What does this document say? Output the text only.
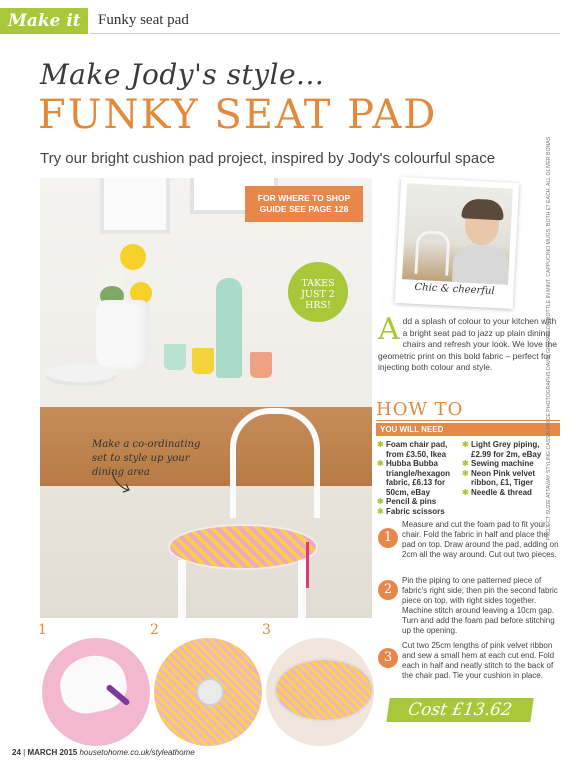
Make it	Funky seat pad
Make Jody's style...
FUNKY SEAT PAD
Try our bright cushion pad project, inspired by Jody's colourful space
FOR WHERE TO SHOP GUIDE SEE PAGE 128
TAKES JUST 2 HRS!
Make a co-ordinating set to style up your dining area
Chic & cheerful
Add a splash of colour to your kitchen with a bright seat pad to jazz up plain dining chairs and refresh your look. We love the geometric print on this bold fabric – perfect for injecting both colour and style.
HOW TO
YOU WILL NEED
✱ Foam chair pad, from £3.50, Ikea
✱ Hubba Bubba triangle/hexagon fabric, £6.13 for 50cm, eBay
✱ Pencil & pins
✱ Fabric scissors
✱ Light Grey piping, £2.99 for 2m, eBay
✱ Sewing machine
✱ Neon Pink velvet ribbon, £1, Tiger
✱ Needle & thread
1
Measure and cut the foam pad to fit your chair. Fold the fabric in half and place the pad on top. Draw around the pad, adding on 2cm all the way around. Cut out two pieces.
2
Pin the piping to one patterned piece of fabric's right side; then pin the second fabric piece on top, with right sides together. Machine stitch around leaving a 10cm gap. Turn and add the foam pad before stitching up the opening.
3
Cut two 25cm lengths of pink velvet ribbon and sew a small hem at each cut end. Fold each in half and neatly stitch to the back of the chair pad. Tie your cushion in place.
Cost £13.62
PROJECT SUZIE ATTAWAY STYLING CASSIE PRICE PHOTOGRAPHS DAVID GILES NEON BOTTLE IN MINT, CAPPUCINO MUGS, BOTH £7 EACH, ALL OLIVER BONAS
1	2	3
24 | MARCH 2015 housetohome.co.uk/styleathome
